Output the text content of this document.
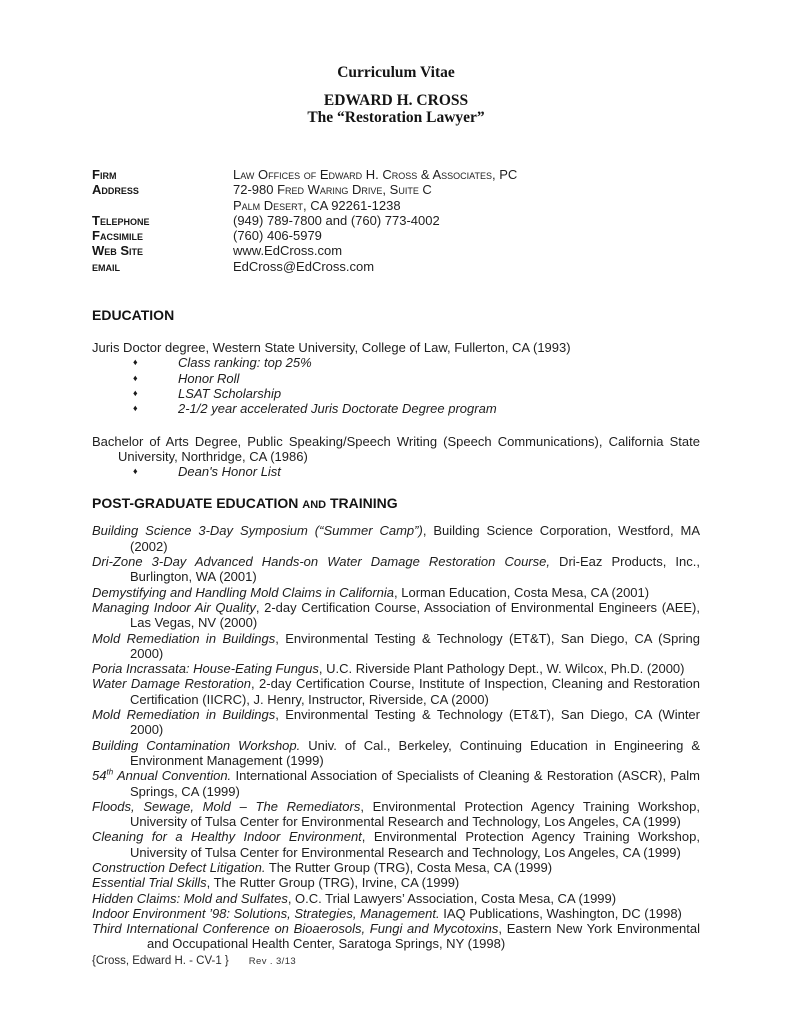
Curriculum Vitae
EDWARD H. CROSS
The “Restoration Lawyer”
Firm	Law Offices of Edward H. Cross & Associates, PC
Address	72-980 Fred Waring Drive, Suite C
Palm Desert, CA 92261-1238
Telephone	(949) 789-7800 and (760) 773-4002
Facsimile	(760) 406-5979
Web Site	www.EdCross.com
email	EdCross@EdCross.com
EDUCATION

Juris Doctor degree, Western State University, College of Law, Fullerton, CA (1993)

♦	Class ranking: top 25%
♦	Honor Roll
♦	LSAT Scholarship
♦	2-1/2 year accelerated Juris Doctorate Degree program

Bachelor of Arts Degree, Public Speaking/Speech Writing (Speech Communications), California State University, Northridge, CA (1986)

♦	Dean's Honor List
POST-GRADUATE EDUCATION AND TRAINING

Building Science 3-Day Symposium (“Summer Camp”), Building Science Corporation, Westford, MA (2002)

Dri-Zone 3-Day Advanced Hands-on Water Damage Restoration Course, Dri-Eaz Products, Inc., Burlington, WA (2001)

Demystifying and Handling Mold Claims in California, Lorman Education, Costa Mesa, CA (2001)

Managing Indoor Air Quality, 2-day Certification Course, Association of Environmental Engineers (AEE), Las Vegas, NV (2000)

Mold Remediation in Buildings, Environmental Testing & Technology (ET&T), San Diego, CA (Spring 2000)

Poria Incrassata: House-Eating Fungus, U.C. Riverside Plant Pathology Dept., W. Wilcox, Ph.D. (2000)

Water Damage Restoration, 2-day Certification Course, Institute of Inspection, Cleaning and Restoration Certification (IICRC), J. Henry, Instructor, Riverside, CA (2000)

Mold Remediation in Buildings, Environmental Testing & Technology (ET&T), San Diego, CA (Winter 2000)

Building Contamination Workshop. Univ. of Cal., Berkeley, Continuing Education in Engineering & Environment Management (1999)

54th Annual Convention. International Association of Specialists of Cleaning & Restoration (ASCR), Palm Springs, CA (1999)

Floods, Sewage, Mold – The Remediators, Environmental Protection Agency Training Workshop, University of Tulsa Center for Environmental Research and Technology, Los Angeles, CA (1999)

Cleaning for a Healthy Indoor Environment, Environmental Protection Agency Training Workshop, University of Tulsa Center for Environmental Research and Technology, Los Angeles, CA (1999)

Construction Defect Litigation. The Rutter Group (TRG), Costa Mesa, CA (1999)

Essential Trial Skills, The Rutter Group (TRG), Irvine, CA (1999)

Hidden Claims: Mold and Sulfates, O.C. Trial Lawyers’ Association, Costa Mesa, CA (1999)

Indoor Environment ’98: Solutions, Strategies, Management. IAQ Publications, Washington, DC (1998)

Third International Conference on Bioaerosols, Fungi and Mycotoxins, Eastern New York Environmental and Occupational Health Center, Saratoga Springs, NY (1998)

{Cross, Edward H. - CV-1 } Rev . 3/13
